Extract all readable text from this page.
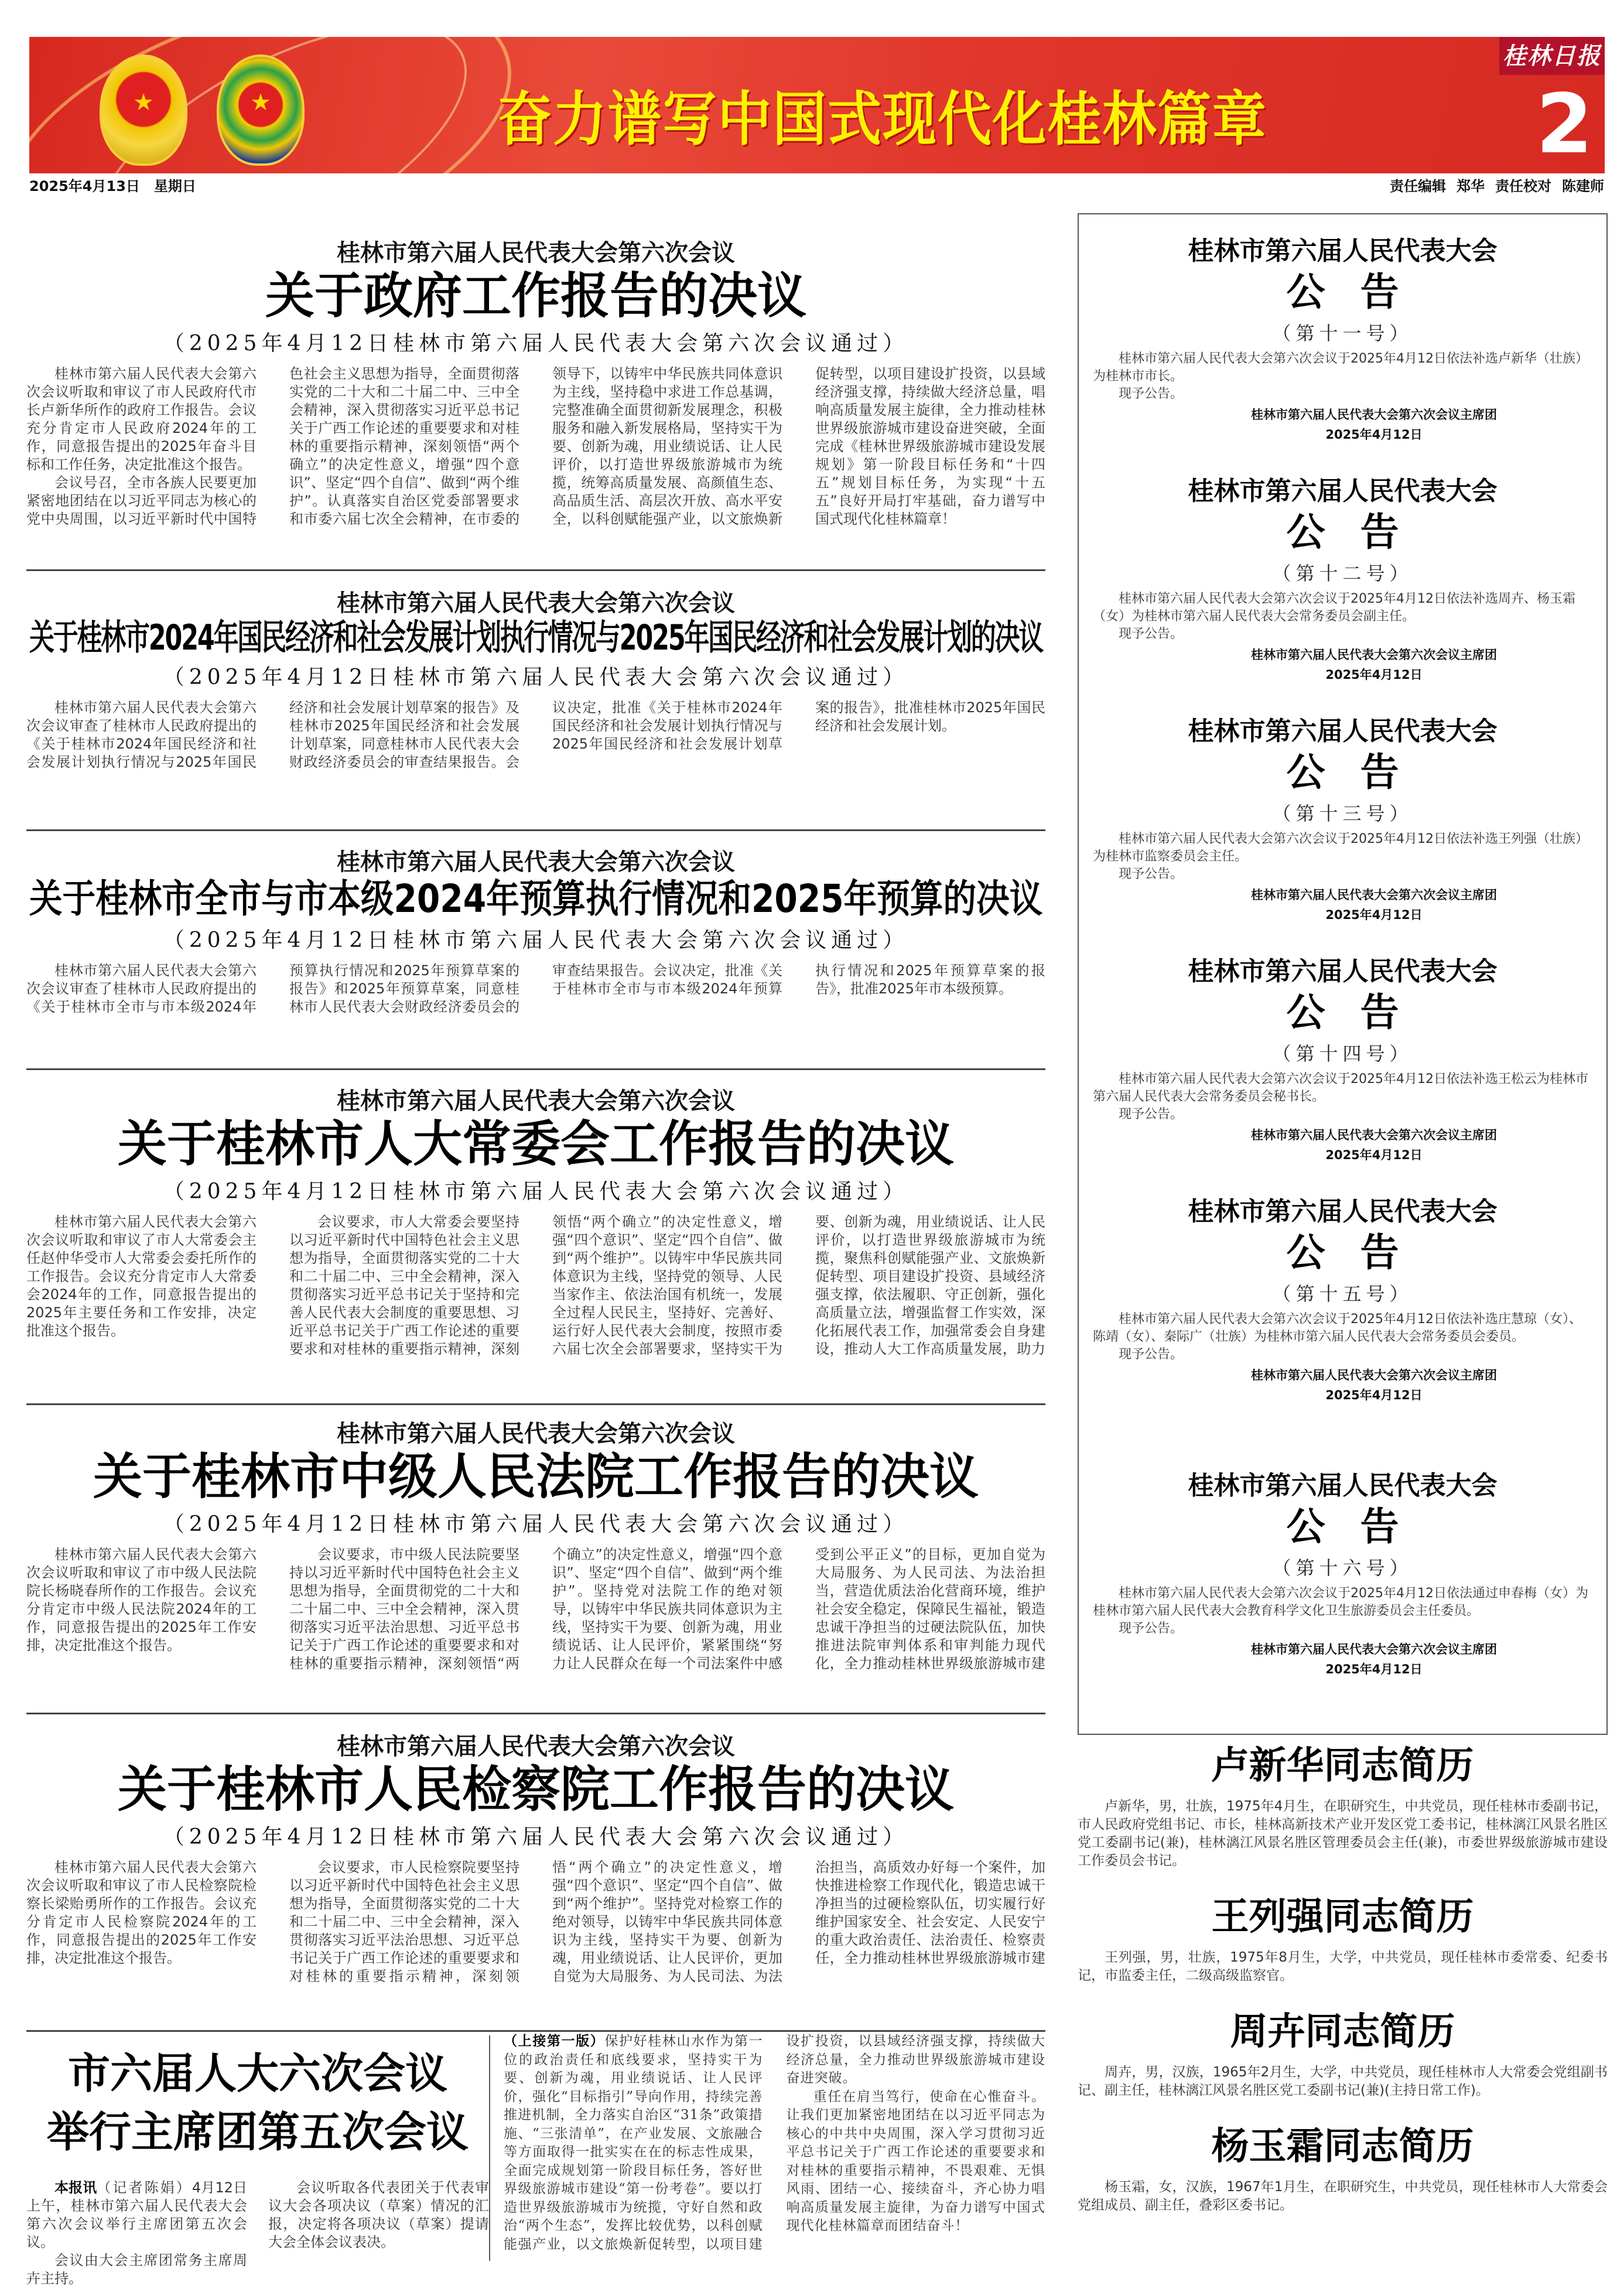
★	★	奋力谱写中国式现代化桂林篇章
桂林日报
2
2025年4月13日　星期日	责任编辑 郑华 责任校对 陈建师
桂林市第六届人民代表大会第六次会议
关于政府工作报告的决议
（2025年4月12日桂林市第六届人民代表大会第六次会议通过）

桂林市第六届人民代表大会第六次会议听取和审议了市人民政府代市长卢新华所作的政府工作报告。会议充分肯定市人民政府2024年的工作，同意报告提出的2025年奋斗目标和工作任务，决定批准这个报告。

会议号召，全市各族人民要更加紧密地团结在以习近平同志为核心的党中央周围，以习近平新时代中国特色社会主义思想为指导，全面贯彻落实党的二十大和二十届二中、三中全会精神，深入贯彻落实习近平总书记关于广西工作论述的重要要求和对桂林的重要指示精神，深刻领悟“两个确立”的决定性意义，增强“四个意识”、坚定“四个自信”、做到“两个维护”。认真落实自治区党委部署要求和市委六届七次全会精神，在市委的领导下，以铸牢中华民族共同体意识为主线，坚持稳中求进工作总基调，完整准确全面贯彻新发展理念，积极服务和融入新发展格局，坚持实干为要、创新为魂，用业绩说话、让人民评价，以打造世界级旅游城市为统揽，统筹高质量发展、高颜值生态、高品质生活、高层次开放、高水平安全，以科创赋能强产业，以文旅焕新促转型，以项目建设扩投资，以县域经济强支撑，持续做大经济总量，唱响高质量发展主旋律，全力推动桂林世界级旅游城市建设奋进突破，全面完成《桂林世界级旅游城市建设发展规划》第一阶段目标任务和“十四五”规划目标任务，为实现“十五五”良好开局打牢基础，奋力谱写中国式现代化桂林篇章！

桂林市第六届人民代表大会第六次会议
关于桂林市2024年国民经济和社会发展计划执行情况与2025年国民经济和社会发展计划的决议
（2025年4月12日桂林市第六届人民代表大会第六次会议通过）

桂林市第六届人民代表大会第六次会议审查了桂林市人民政府提出的《关于桂林市2024年国民经济和社会发展计划执行情况与2025年国民经济和社会发展计划草案的报告》及桂林市2025年国民经济和社会发展计划草案，同意桂林市人民代表大会财政经济委员会的审查结果报告。会议决定，批准《关于桂林市2024年国民经济和社会发展计划执行情况与2025年国民经济和社会发展计划草案的报告》，批准桂林市2025年国民经济和社会发展计划。

桂林市第六届人民代表大会第六次会议
关于桂林市全市与市本级2024年预算执行情况和2025年预算的决议
（2025年4月12日桂林市第六届人民代表大会第六次会议通过）

桂林市第六届人民代表大会第六次会议审查了桂林市人民政府提出的《关于桂林市全市与市本级2024年预算执行情况和2025年预算草案的报告》和2025年预算草案，同意桂林市人民代表大会财政经济委员会的审查结果报告。会议决定，批准《关于桂林市全市与市本级2024年预算执行情况和2025年预算草案的报告》，批准2025年市本级预算。

桂林市第六届人民代表大会第六次会议
关于桂林市人大常委会工作报告的决议
（2025年4月12日桂林市第六届人民代表大会第六次会议通过）

桂林市第六届人民代表大会第六次会议听取和审议了市人大常委会主任赵仲华受市人大常委会委托所作的工作报告。会议充分肯定市人大常委会2024年的工作，同意报告提出的2025年主要任务和工作安排，决定批准这个报告。

会议要求，市人大常委会要坚持以习近平新时代中国特色社会主义思想为指导，全面贯彻落实党的二十大和二十届二中、三中全会精神，深入贯彻落实习近平总书记关于坚持和完善人民代表大会制度的重要思想、习近平总书记关于广西工作论述的重要要求和对桂林的重要指示精神，深刻领悟“两个确立”的决定性意义，增强“四个意识”、坚定“四个自信”、做到“两个维护”。以铸牢中华民族共同体意识为主线，坚持党的领导、人民当家作主、依法治国有机统一，发展全过程人民民主，坚持好、完善好、运行好人民代表大会制度，按照市委六届七次全会部署要求，坚持实干为要、创新为魂，用业绩说话、让人民评价，以打造世界级旅游城市为统揽，聚焦科创赋能强产业、文旅焕新促转型、项目建设扩投资、县域经济强支撑，依法履职、守正创新，强化高质量立法，增强监督工作实效，深化拓展代表工作，加强常委会自身建设，推动人大工作高质量发展，助力

桂林市第六届人民代表大会第六次会议
关于桂林市中级人民法院工作报告的决议
（2025年4月12日桂林市第六届人民代表大会第六次会议通过）

桂林市第六届人民代表大会第六次会议听取和审议了市中级人民法院院长杨晓春所作的工作报告。会议充分肯定市中级人民法院2024年的工作，同意报告提出的2025年工作安排，决定批准这个报告。

会议要求，市中级人民法院要坚持以习近平新时代中国特色社会主义思想为指导，全面贯彻党的二十大和二十届二中、三中全会精神，深入贯彻落实习近平法治思想、习近平总书记关于广西工作论述的重要要求和对桂林的重要指示精神，深刻领悟“两个确立”的决定性意义，增强“四个意识”、坚定“四个自信”、做到“两个维护”。坚持党对法院工作的绝对领导，以铸牢中华民族共同体意识为主线，坚持实干为要、创新为魂，用业绩说话、让人民评价，紧紧围绕“努力让人民群众在每一个司法案件中感受到公平正义”的目标，更加自觉为大局服务、为人民司法、为法治担当，营造优质法治化营商环境，维护社会安全稳定，保障民生福祉，锻造忠诚干净担当的过硬法院队伍，加快推进法院审判体系和审判能力现代化，全力推动桂林世界级旅游城市建

桂林市第六届人民代表大会第六次会议
关于桂林市人民检察院工作报告的决议
（2025年4月12日桂林市第六届人民代表大会第六次会议通过）

桂林市第六届人民代表大会第六次会议听取和审议了市人民检察院检察长梁贻勇所作的工作报告。会议充分肯定市人民检察院2024年的工作，同意报告提出的2025年工作安排，决定批准这个报告。

会议要求，市人民检察院要坚持以习近平新时代中国特色社会主义思想为指导，全面贯彻落实党的二十大和二十届二中、三中全会精神，深入贯彻落实习近平法治思想、习近平总书记关于广西工作论述的重要要求和对桂林的重要指示精神，深刻领悟“两个确立”的决定性意义，增强“四个意识”、坚定“四个自信”、做到“两个维护”。坚持党对检察工作的绝对领导，以铸牢中华民族共同体意识为主线，坚持实干为要、创新为魂，用业绩说话、让人民评价，更加自觉为大局服务、为人民司法、为法治担当，高质效办好每一个案件，加快推进检察工作现代化，锻造忠诚干净担当的过硬检察队伍，切实履行好维护国家安全、社会安定、人民安宁的重大政治责任、法治责任、检察责任，全力推动桂林世界级旅游城市建

市六届人大六次会议
举行主席团第五次会议

本报讯（记者陈娟）4月12日上午，桂林市第六届人民代表大会第六次会议举行主席团第五次会议。

会议由大会主席团常务主席周卉主持。

会议听取各代表团关于代表审议大会各项决议（草案）情况的汇报，决定将各项决议（草案）提请大会全体会议表决。

（上接第一版）保护好桂林山水作为第一位的政治责任和底线要求，坚持实干为要、创新为魂，用业绩说话、让人民评价，强化“目标指引”导向作用，持续完善推进机制，全力落实自治区“31条”政策措施、“三张清单”，在产业发展、文旅融合等方面取得一批实实在在的标志性成果，全面完成规划第一阶段目标任务，答好世界级旅游城市建设“第一份考卷”。要以打造世界级旅游城市为统揽，守好自然和政治“两个生态”，发挥比较优势，以科创赋能强产业，以文旅焕新促转型，以项目建设扩投资，以县域经济强支撑，持续做大经济总量，全力推动世界级旅游城市建设奋进突破。

重任在肩当笃行，使命在心惟奋斗。让我们更加紧密地团结在以习近平同志为核心的中共中央周围，深入学习贯彻习近平总书记关于广西工作论述的重要要求和对桂林的重要指示精神，不畏艰难、无惧风雨、团结一心、接续奋斗，齐心协力唱响高质量发展主旋律，为奋力谱写中国式现代化桂林篇章而团结奋斗！

桂林市第六届人民代表大会
公告
（第十一号）
桂林市第六届人民代表大会第六次会议于2025年4月12日依法补选卢新华（壮族）为桂林市市长。
现予公告。
桂林市第六届人民代表大会第六次会议主席团
2025年4月12日
桂林市第六届人民代表大会
公告
（第十二号）
桂林市第六届人民代表大会第六次会议于2025年4月12日依法补选周卉、杨玉霜（女）为桂林市第六届人民代表大会常务委员会副主任。
现予公告。
桂林市第六届人民代表大会第六次会议主席团
2025年4月12日
桂林市第六届人民代表大会
公告
（第十三号）
桂林市第六届人民代表大会第六次会议于2025年4月12日依法补选王列强（壮族）为桂林市监察委员会主任。
现予公告。
桂林市第六届人民代表大会第六次会议主席团
2025年4月12日
桂林市第六届人民代表大会
公告
（第十四号）
桂林市第六届人民代表大会第六次会议于2025年4月12日依法补选王松云为桂林市第六届人民代表大会常务委员会秘书长。
现予公告。
桂林市第六届人民代表大会第六次会议主席团
2025年4月12日
桂林市第六届人民代表大会
公告
（第十五号）
桂林市第六届人民代表大会第六次会议于2025年4月12日依法补选庄慧琼（女）、陈靖（女）、秦际广（壮族）为桂林市第六届人民代表大会常务委员会委员。
现予公告。
桂林市第六届人民代表大会第六次会议主席团
2025年4月12日
桂林市第六届人民代表大会
公告
（第十六号）
桂林市第六届人民代表大会第六次会议于2025年4月12日依法通过申春梅（女）为桂林市第六届人民代表大会教育科学文化卫生旅游委员会主任委员。
现予公告。
桂林市第六届人民代表大会第六次会议主席团
2025年4月12日
卢新华同志简历

卢新华，男，壮族，1975年4月生，在职研究生，中共党员，现任桂林市委副书记，市人民政府党组书记、市长，桂林高新技术产业开发区党工委书记，桂林漓江风景名胜区党工委副书记(兼)，桂林漓江风景名胜区管理委员会主任(兼)，市委世界级旅游城市建设工作委员会书记。

王列强同志简历

王列强，男，壮族，1975年8月生，大学，中共党员，现任桂林市委常委、纪委书记，市监委主任，二级高级监察官。

周卉同志简历

周卉，男，汉族，1965年2月生，大学，中共党员，现任桂林市人大常委会党组副书记、副主任，桂林漓江风景名胜区党工委副书记(兼)(主持日常工作)。

杨玉霜同志简历

杨玉霜，女，汉族，1967年1月生，在职研究生，中共党员，现任桂林市人大常委会党组成员、副主任，叠彩区委书记。
